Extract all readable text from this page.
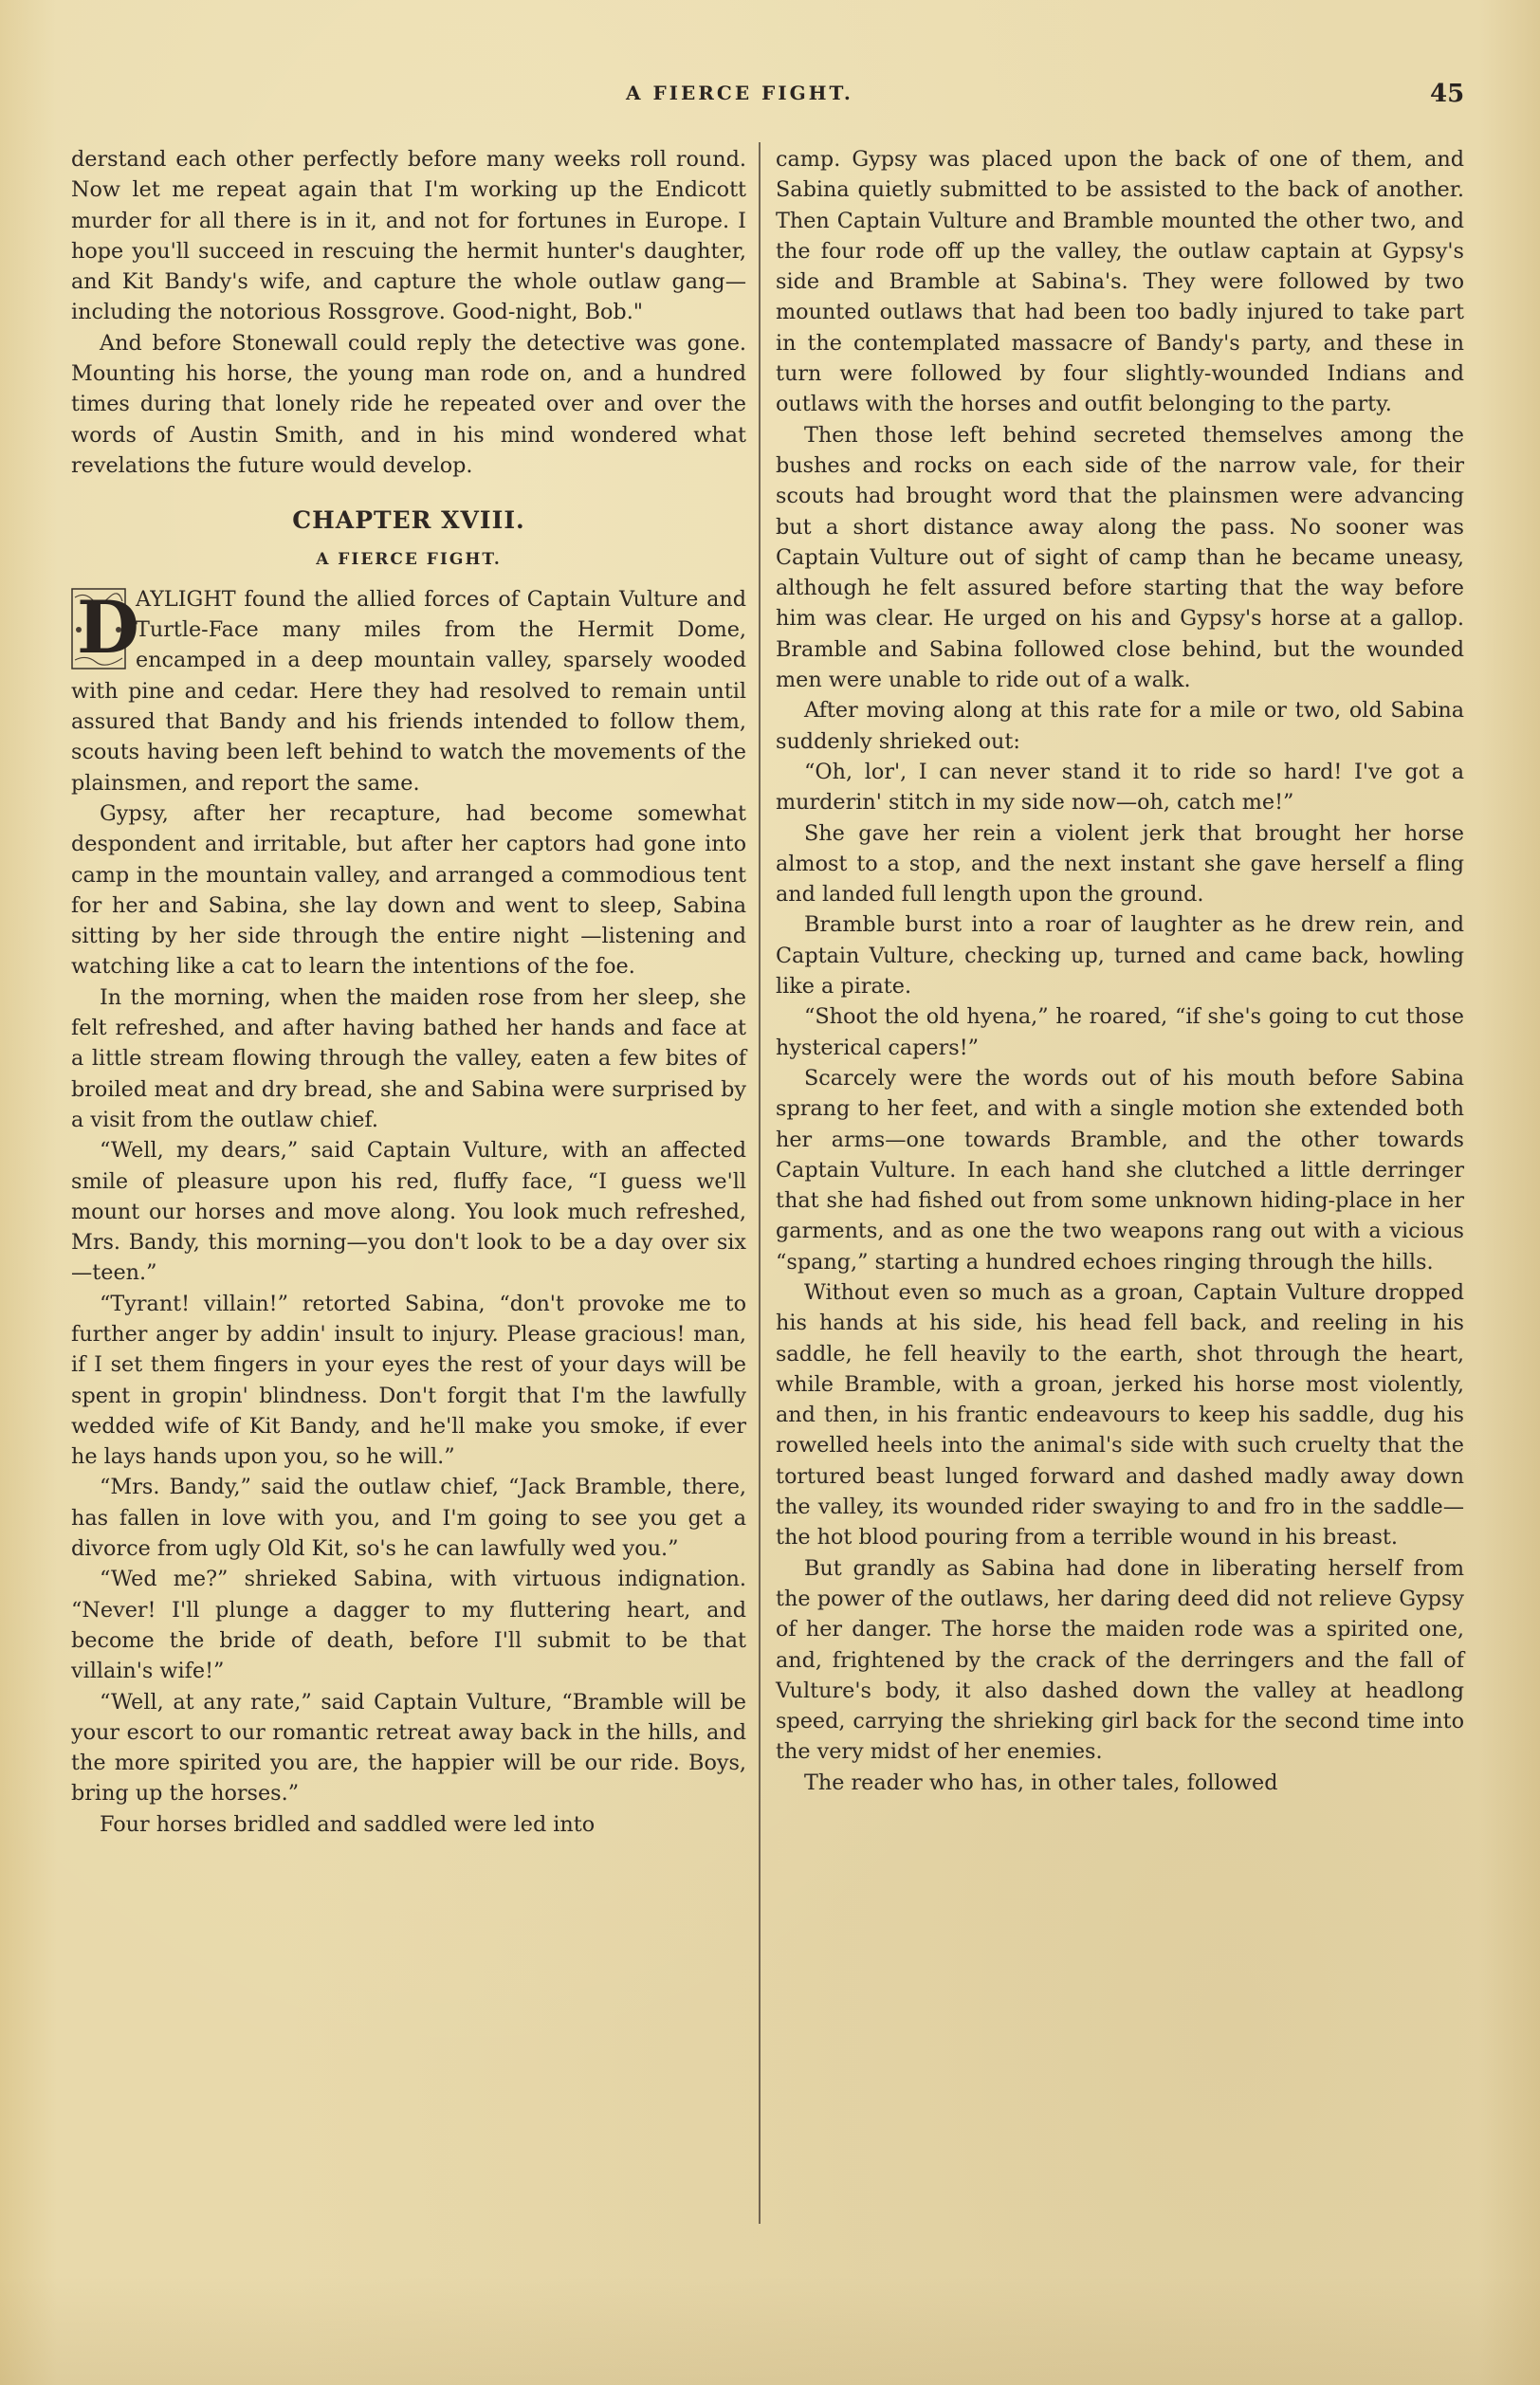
A FIERCE FIGHT.	45

derstand each other perfectly before many weeks roll round. Now let me repeat again that I'm working up the Endicott murder for all there is in it, and not for fortunes in Europe. I hope you'll succeed in rescuing the hermit hunter's daughter, and Kit Bandy's wife, and capture the whole outlaw gang—including the notorious Rossgrove. Good-night, Bob."

And before Stonewall could reply the detective was gone. Mounting his horse, the young man rode on, and a hundred times during that lonely ride he repeated over and over the words of Austin Smith, and in his mind wondered what revelations the future would develop.

CHAPTER XVIII.
A FIERCE FIGHT.

D
AYLIGHT found the allied forces of Captain Vulture and Turtle-Face many miles from the Hermit Dome, encamped in a deep mountain valley, sparsely wooded with pine and cedar. Here they had resolved to remain until assured that Bandy and his friends intended to follow them, scouts having been left behind to watch the movements of the plainsmen, and report the same.

Gypsy, after her recapture, had become somewhat despondent and irritable, but after her captors had gone into camp in the mountain valley, and arranged a commodious tent for her and Sabina, she lay down and went to sleep, Sabina sitting by her side through the entire night —listening and watching like a cat to learn the intentions of the foe.

In the morning, when the maiden rose from her sleep, she felt refreshed, and after having bathed her hands and face at a little stream flowing through the valley, eaten a few bites of broiled meat and dry bread, she and Sabina were surprised by a visit from the outlaw chief.

“Well, my dears,” said Captain Vulture, with an affected smile of pleasure upon his red, fluffy face, “I guess we'll mount our horses and move along. You look much refreshed, Mrs. Bandy, this morning—you don't look to be a day over six—teen.”

“Tyrant! villain!” retorted Sabina, “don't provoke me to further anger by addin' insult to injury. Please gracious! man, if I set them fingers in your eyes the rest of your days will be spent in gropin' blindness. Don't forgit that I'm the lawfully wedded wife of Kit Bandy, and he'll make you smoke, if ever he lays hands upon you, so he will.”

“Mrs. Bandy,” said the outlaw chief, “Jack Bramble, there, has fallen in love with you, and I'm going to see you get a divorce from ugly Old Kit, so's he can lawfully wed you.”

“Wed me?” shrieked Sabina, with virtuous indignation. “Never! I'll plunge a dagger to my fluttering heart, and become the bride of death, before I'll submit to be that villain's wife!”

“Well, at any rate,” said Captain Vulture, “Bramble will be your escort to our romantic retreat away back in the hills, and the more spirited you are, the happier will be our ride. Boys, bring up the horses.”

Four horses bridled and saddled were led into

camp. Gypsy was placed upon the back of one of them, and Sabina quietly submitted to be assisted to the back of another. Then Captain Vulture and Bramble mounted the other two, and the four rode off up the valley, the outlaw captain at Gypsy's side and Bramble at Sabina's. They were followed by two mounted outlaws that had been too badly injured to take part in the contemplated massacre of Bandy's party, and these in turn were followed by four slightly-wounded Indians and outlaws with the horses and outfit belonging to the party.

Then those left behind secreted themselves among the bushes and rocks on each side of the narrow vale, for their scouts had brought word that the plainsmen were advancing but a short distance away along the pass. No sooner was Captain Vulture out of sight of camp than he became uneasy, although he felt assured before starting that the way before him was clear. He urged on his and Gypsy's horse at a gallop. Bramble and Sabina followed close behind, but the wounded men were unable to ride out of a walk.

After moving along at this rate for a mile or two, old Sabina suddenly shrieked out:

“Oh, lor', I can never stand it to ride so hard! I've got a murderin' stitch in my side now—oh, catch me!”

She gave her rein a violent jerk that brought her horse almost to a stop, and the next instant she gave herself a fling and landed full length upon the ground.

Bramble burst into a roar of laughter as he drew rein, and Captain Vulture, checking up, turned and came back, howling like a pirate.

“Shoot the old hyena,” he roared, “if she's going to cut those hysterical capers!”

Scarcely were the words out of his mouth before Sabina sprang to her feet, and with a single motion she extended both her arms—one towards Bramble, and the other towards Captain Vulture. In each hand she clutched a little derringer that she had fished out from some unknown hiding-place in her garments, and as one the two weapons rang out with a vicious “spang,” starting a hundred echoes ringing through the hills.

Without even so much as a groan, Captain Vulture dropped his hands at his side, his head fell back, and reeling in his saddle, he fell heavily to the earth, shot through the heart, while Bramble, with a groan, jerked his horse most violently, and then, in his frantic endeavours to keep his saddle, dug his rowelled heels into the animal's side with such cruelty that the tortured beast lunged forward and dashed madly away down the valley, its wounded rider swaying to and fro in the saddle—the hot blood pouring from a terrible wound in his breast.

But grandly as Sabina had done in liberating herself from the power of the outlaws, her daring deed did not relieve Gypsy of her danger. The horse the maiden rode was a spirited one, and, frightened by the crack of the derringers and the fall of Vulture's body, it also dashed down the valley at headlong speed, carrying the shrieking girl back for the second time into the very midst of her enemies.

The reader who has, in other tales, followed
